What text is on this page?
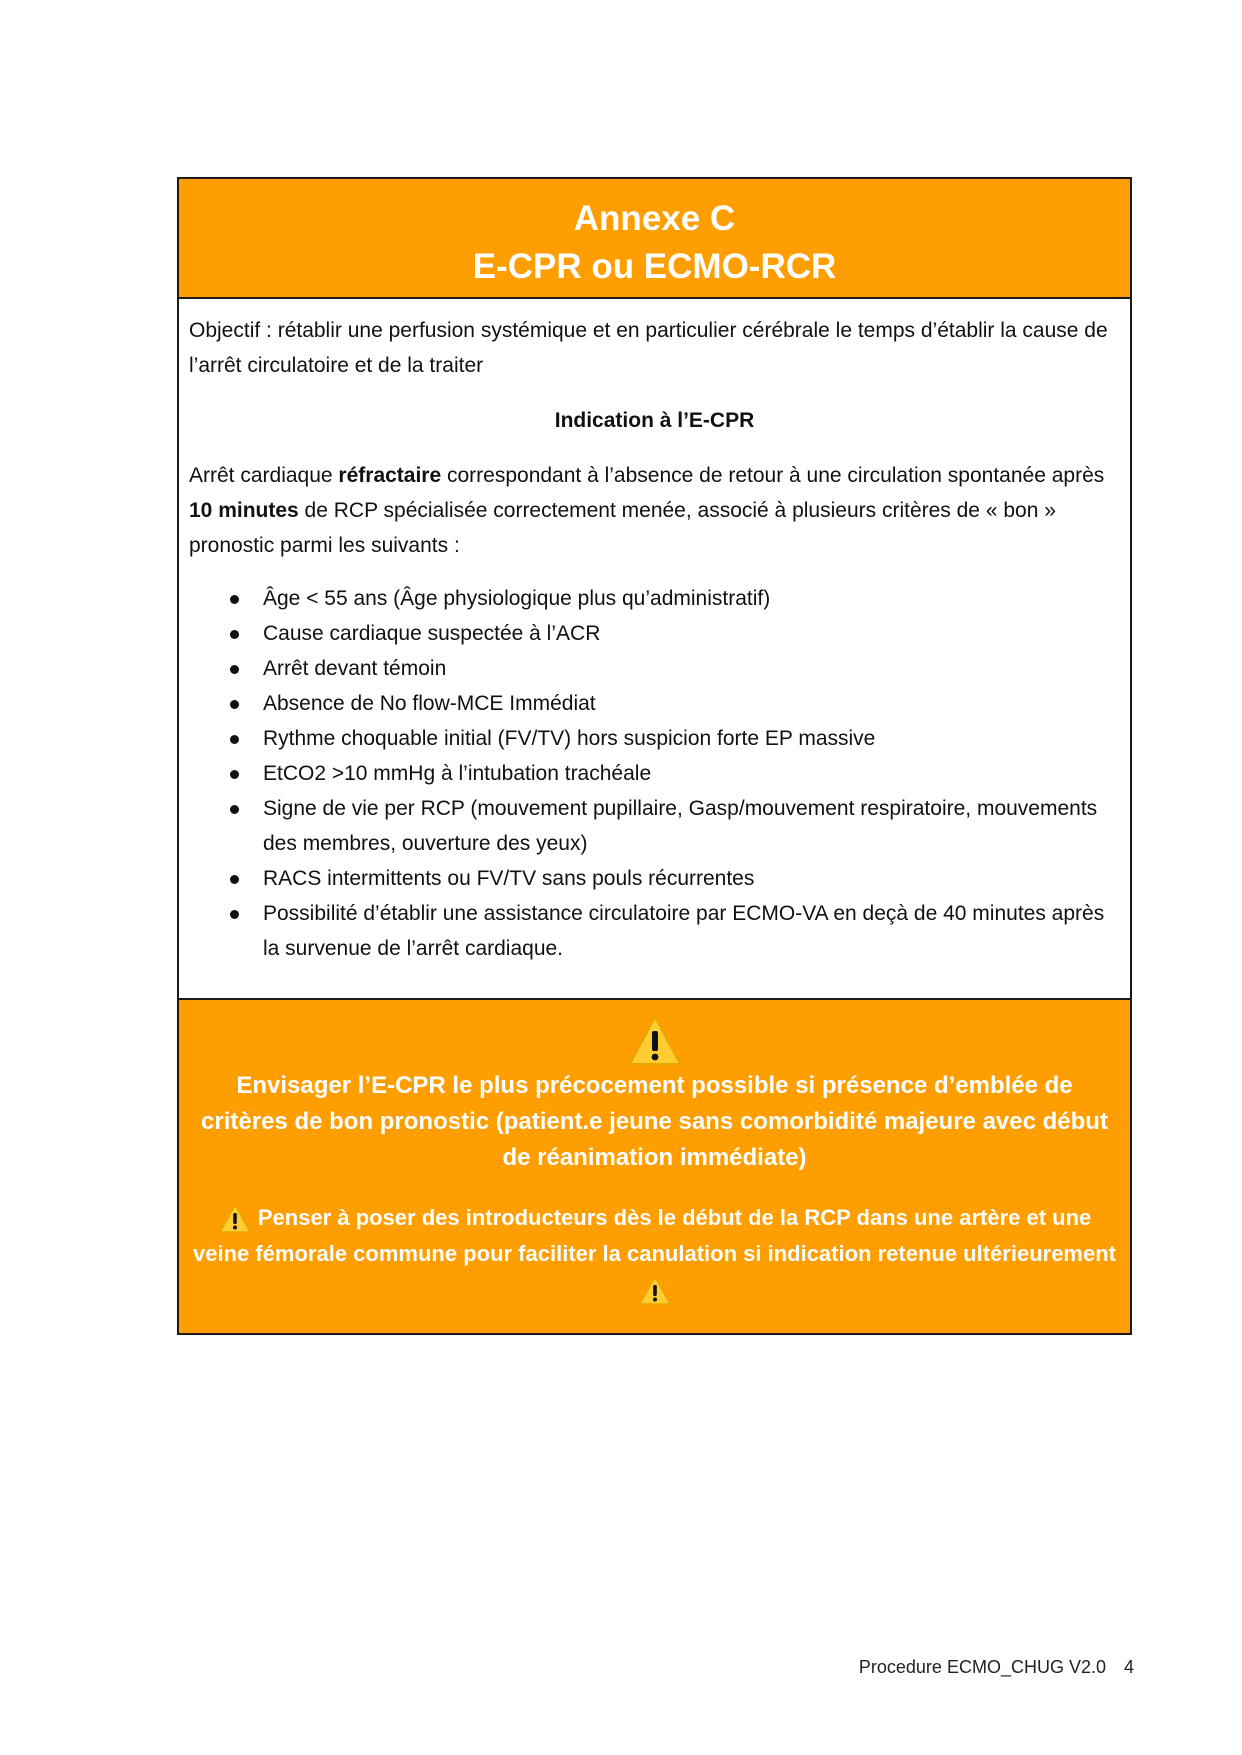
Annexe C
E-CPR ou ECMO-RCR

Objectif : rétablir une perfusion systémique et en particulier cérébrale le temps d’établir la cause de l’arrêt circulatoire et de la traiter

Indication à l’E-CPR

Arrêt cardiaque réfractaire correspondant à l’absence de retour à une circulation spontanée après 10 minutes de RCP spécialisée correctement menée, associé à plusieurs critères de « bon » pronostic parmi les suivants :

Âge < 55 ans (Âge physiologique plus qu’administratif)
Cause cardiaque suspectée à l’ACR
Arrêt devant témoin
Absence de No flow-MCE Immédiat
Rythme choquable initial (FV/TV) hors suspicion forte EP massive
EtCO2 >10 mmHg à l’intubation trachéale
Signe de vie per RCP (mouvement pupillaire, Gasp/mouvement respiratoire, mouvements des membres, ouverture des yeux)
RACS intermittents ou FV/TV sans pouls récurrentes
Possibilité d’établir une assistance circulatoire par ECMO-VA en deçà de 40 minutes après la survenue de l’arrêt cardiaque.
Envisager l’E-CPR le plus précocement possible si présence d’emblée de critères de bon pronostic (patient.e jeune sans comorbidité majeure avec début de réanimation immédiate)
Penser à poser des introducteurs dès le début de la RCP dans une artère et une veine fémorale commune pour faciliter la canulation si indication retenue ultérieurement
Procedure ECMO_CHUG V2.0 4
